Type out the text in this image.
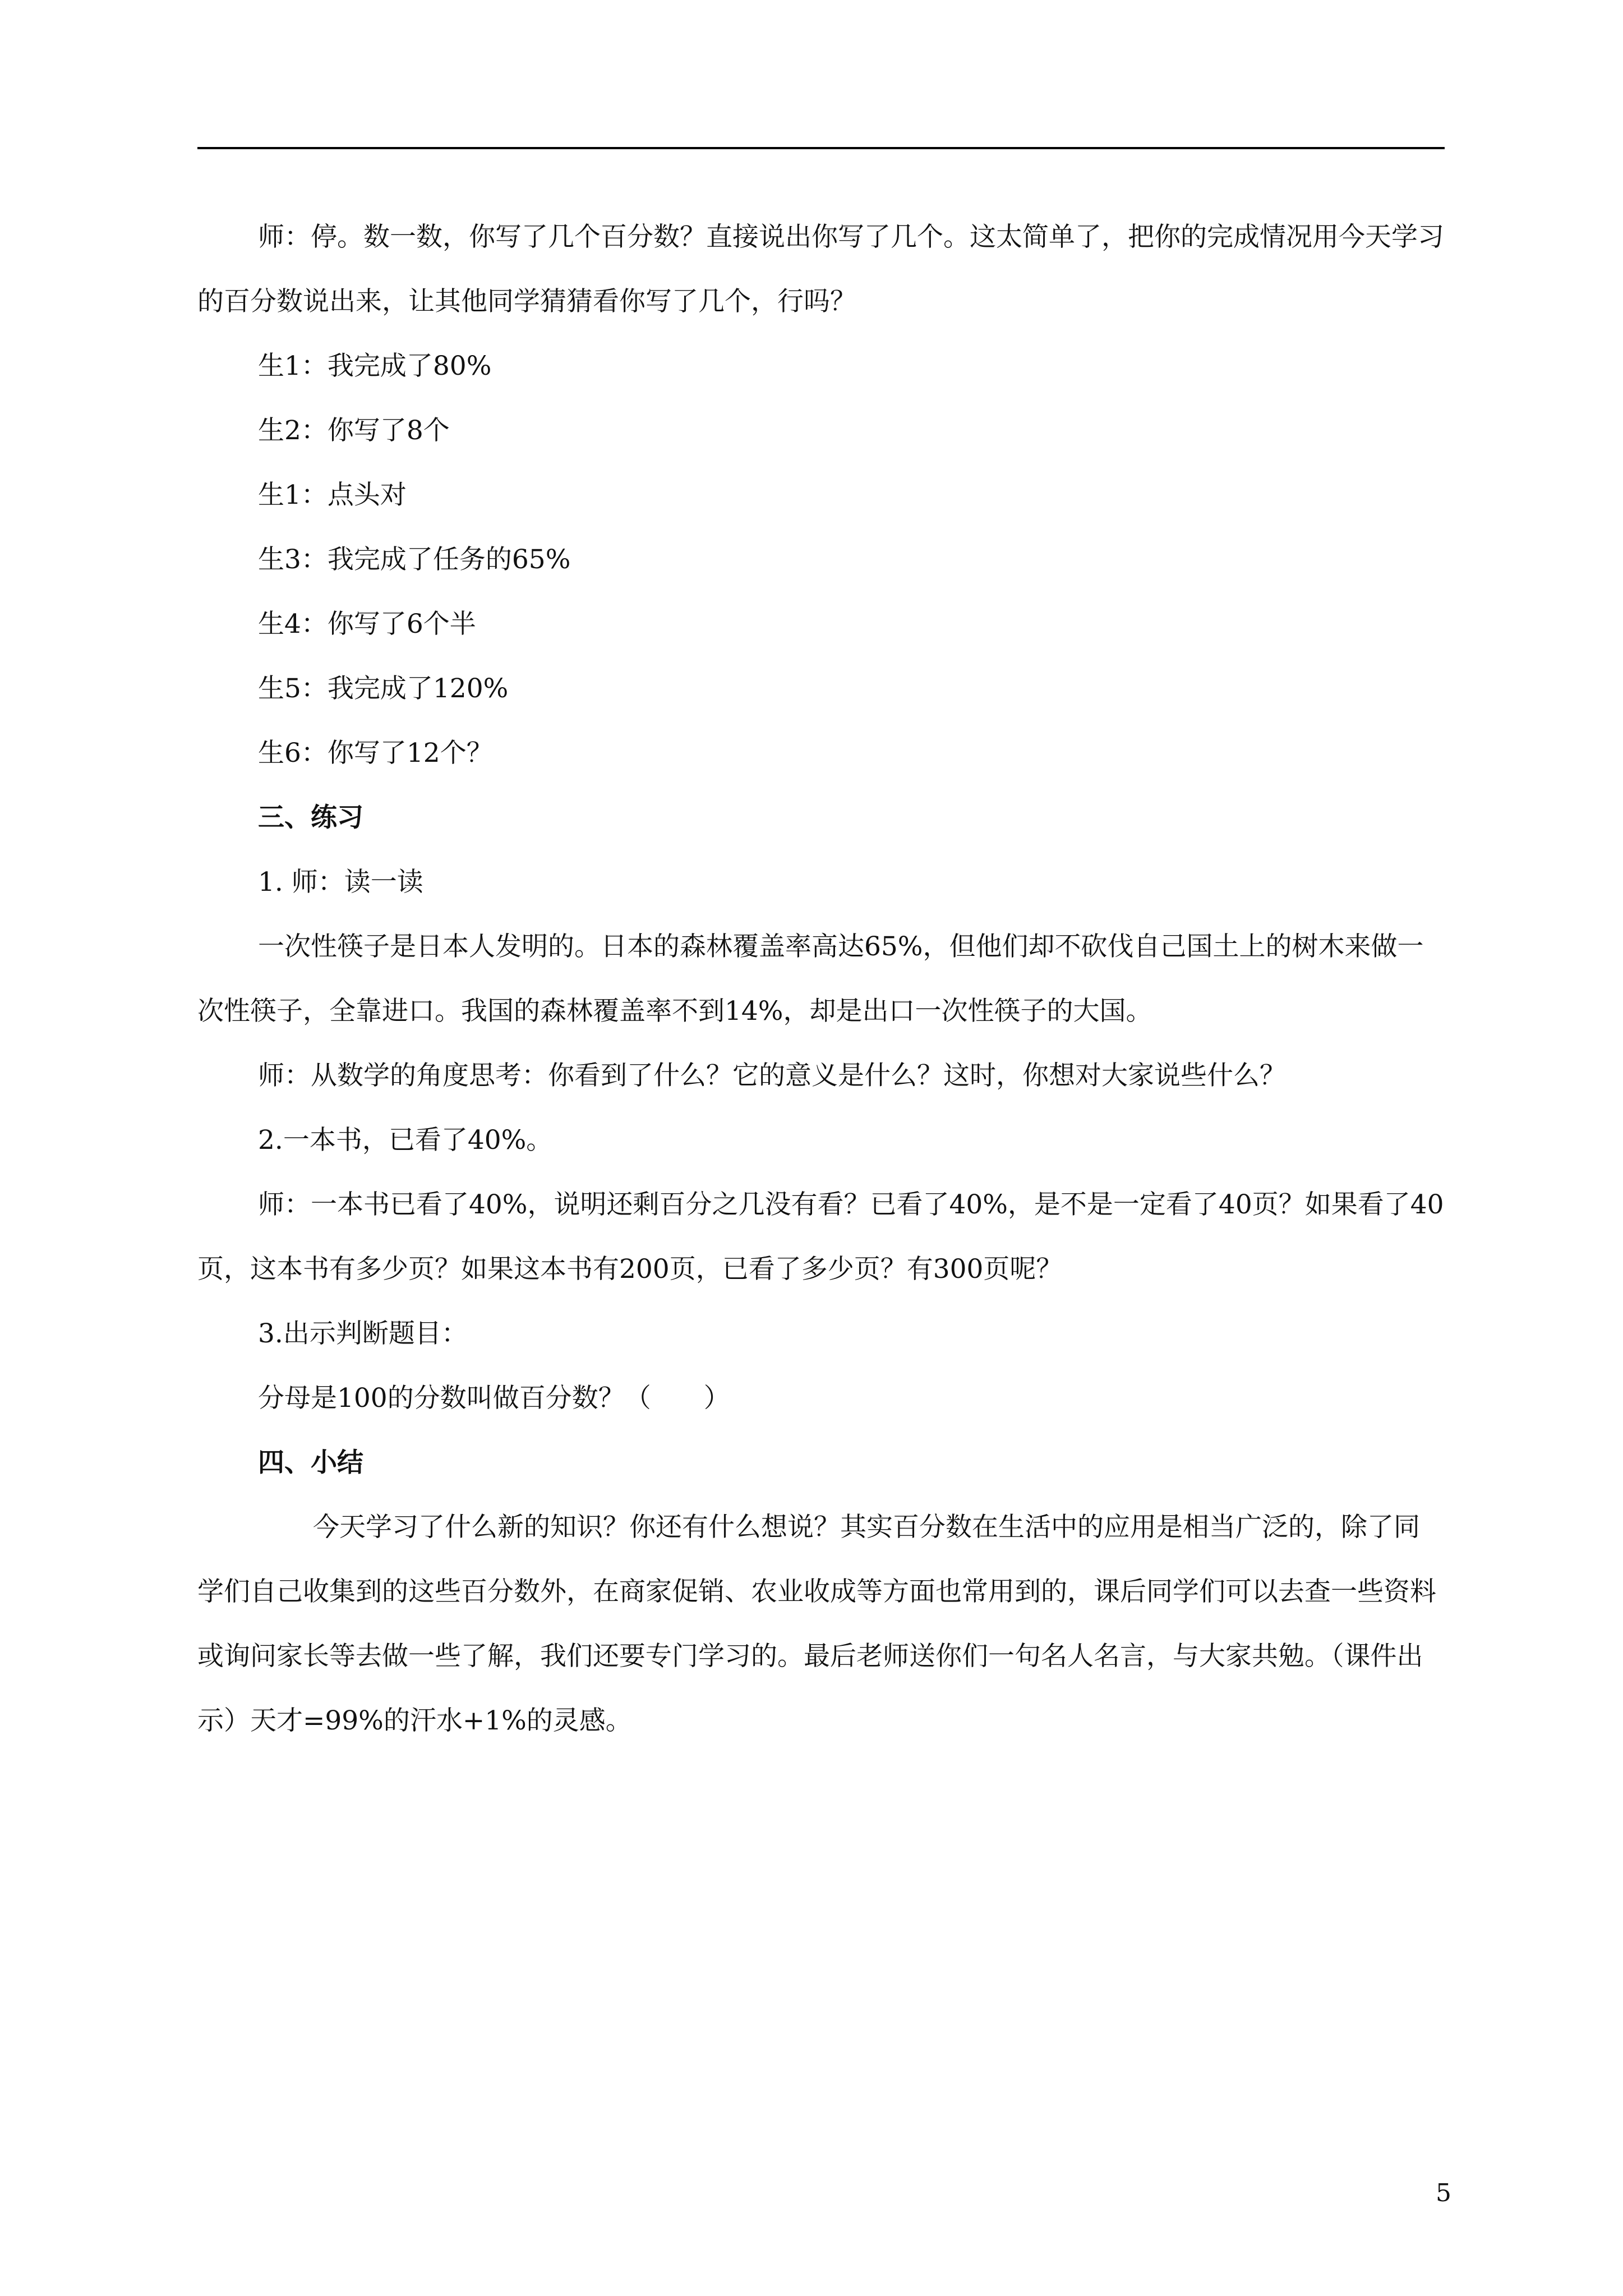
师：停。数一数，你写了几个百分数？直接说出你写了几个。这太简单了，把你的完成情况用今天学习的百分数说出来，让其他同学猜猜看你写了几个，行吗？

生1：我完成了80%

生2：你写了8个

生1：点头对

生3：我完成了任务的65%

生4：你写了6个半

生5：我完成了120%

生6：你写了12个？

三、练习

1. 师：读一读

一次性筷子是日本人发明的。日本的森林覆盖率高达65%，但他们却不砍伐自己国土上的树木来做一次性筷子，全靠进口。我国的森林覆盖率不到14%，却是出口一次性筷子的大国。

师：从数学的角度思考：你看到了什么？它的意义是什么？这时，你想对大家说些什么？

2.一本书，已看了40%。

师：一本书已看了40%，说明还剩百分之几没有看？已看了40%，是不是一定看了40页？如果看了40页，这本书有多少页？如果这本书有200页，已看了多少页？有300页呢？

3.出示判断题目：

分母是100的分数叫做百分数？（　　）

四、小结

今天学习了什么新的知识？你还有什么想说？其实百分数在生活中的应用是相当广泛的，除了同学们自己收集到的这些百分数外，在商家促销、农业收成等方面也常用到的，课后同学们可以去查一些资料或询问家长等去做一些了解，我们还要专门学习的。最后老师送你们一句名人名言，与大家共勉。（课件出示）天才=99%的汗水+1%的灵感。

5
